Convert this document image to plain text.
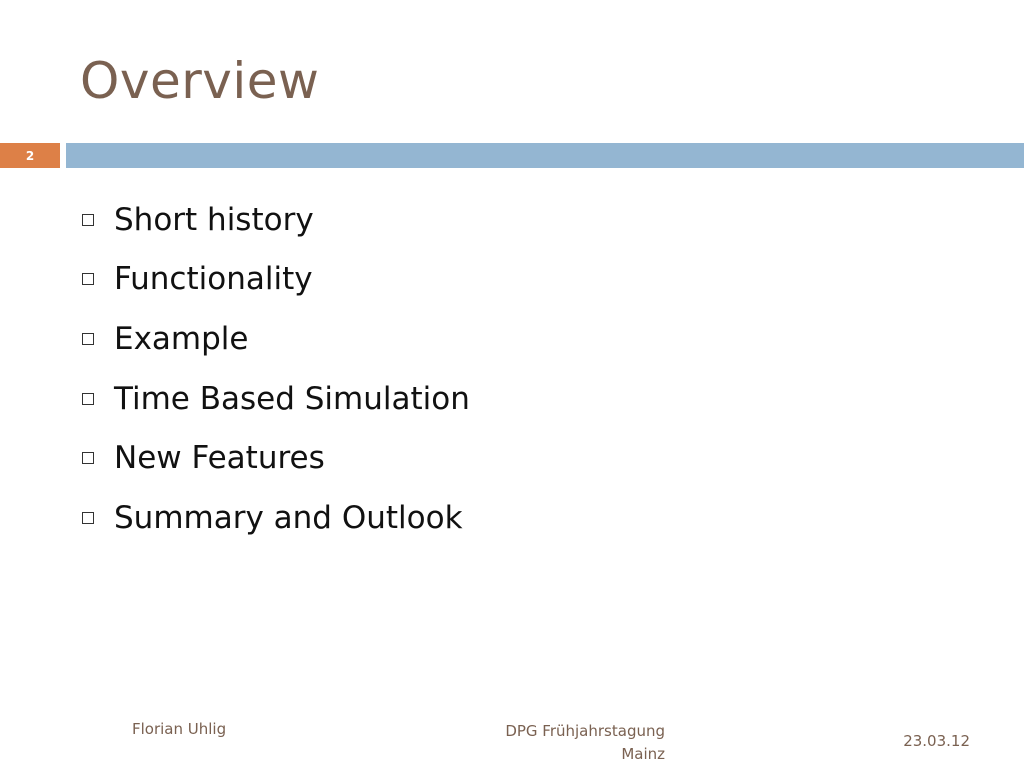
Overview
2
Short history
Functionality
Example
Time Based Simulation
New Features
Summary and Outlook
Florian Uhlig	DPG Frühjahrstagung
Mainz
23.03.12
